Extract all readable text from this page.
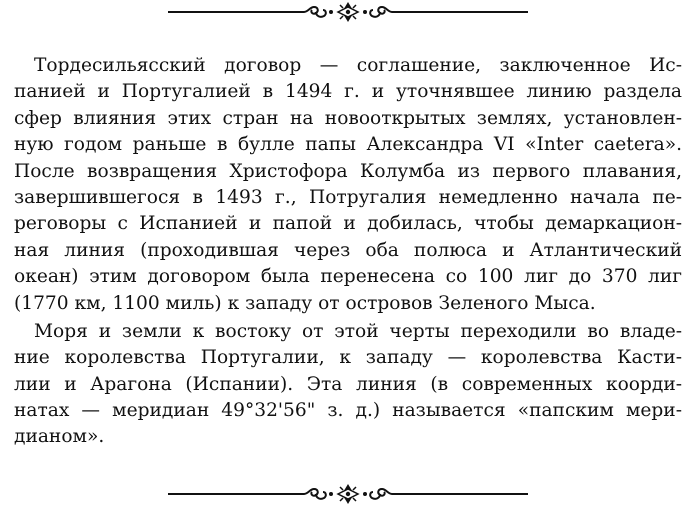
Тордесильясский договор — соглашение, заключенное Ис-
панией и Португалией в 1494 г. и уточнявшее линию раздела
сфер влияния этих стран на новооткрытых землях, установлен-
ную годом раньше в булле папы Александра VI «Inter caetera».
После возвращения Христофора Колумба из первого плавания,
завершившегося в 1493 г., Потругалия немедленно начала пе-
реговоры с Испанией и папой и добилась, чтобы демаркацион-
ная линия (проходившая через оба полюса и Атлантический
океан) этим договором была перенесена со 100 лиг до 370 лиг
(1770 км, 1100 миль) к западу от островов Зеленого Мыса.
Моря и земли к востоку от этой черты переходили во владе-
ние королевства Португалии, к западу — королевства Касти-
лии и Арагона (Испании). Эта линия (в современных коорди-
натах — меридиан 49°32'56" з. д.) называется «папским мери-
дианом».
